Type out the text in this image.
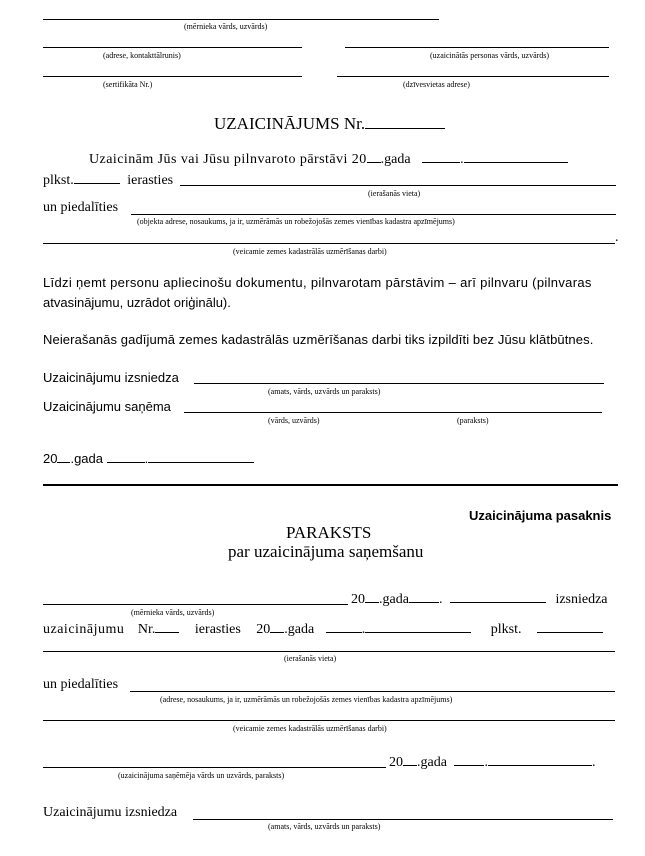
(mērnieka vārds, uzvārds)
(adrese, kontakttālrunis)	(uzaicinātās personas vārds, uzvārds)
(sertifikāta Nr.)	(dzīvesvietas adrese)
UZAICINĀJUMS Nr.
Uzaicinām Jūs vai Jūsu pilnvaroto pārstāvi 20 .gada	.
plkst.	ierasties
(ierašanās vieta)
un piedalīties
(objekta adrese, nosaukums, ja ir, uzmērāmās un robežojošās zemes vienības kadastra apzīmējums)
.
(veicamie zemes kadastrālās uzmērīšanas darbi)
Līdzi ņemt personu apliecinošu dokumentu, pilnvarotam pārstāvim – arī pilnvaru (pilnvaras
atvasinājumu, uzrādot oriģinālu).
Neierašanās gadījumā zemes kadastrālās uzmērīšanas darbi tiks izpildīti bez Jūsu klātbūtnes.
Uzaicinājumu izsniedza
(amats, vārds, uzvārds un paraksts)
Uzaicinājumu saņēma
(vārds, uzvārds)	(paraksts)
20 .gada	.
Uzaicinājuma pasaknis
PARAKSTS
par uzaicinājuma saņemšanu
20 .gada .	izsniedza
(mērnieka vārds, uzvārds)
uzaicinājumu Nr.	ierasties 20 .gada	.	plkst.
(ierašanās vieta)
un piedalīties
(adrese, nosaukums, ja ir, uzmērāmās un robežojošās zemes vienības kadastra apzīmējums)
(veicamie zemes kadastrālās uzmērīšanas darbi)
20 .gada	.	.
(uzaicinājuma saņēmēja vārds un uzvārds, paraksts)
Uzaicinājumu izsniedza
(amats, vārds, uzvārds un paraksts)
